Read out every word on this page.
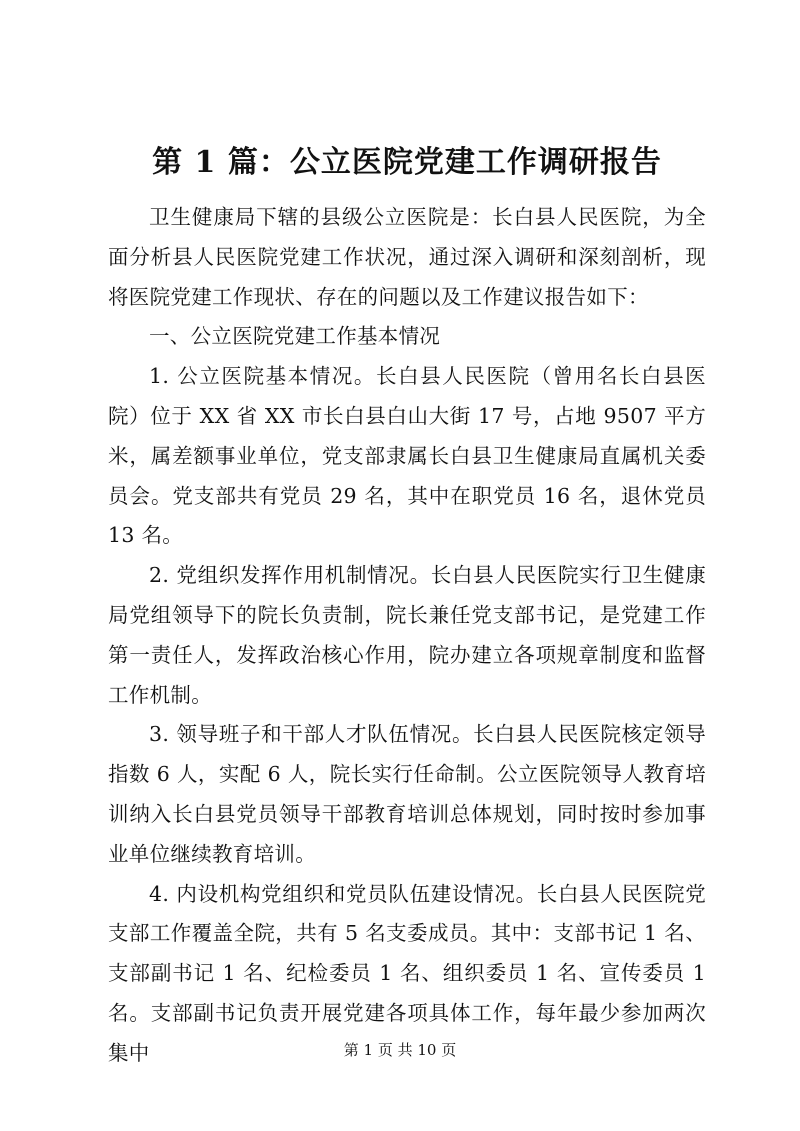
第 1 篇：公立医院党建工作调研报告

卫生健康局下辖的县级公立医院是：长白县人民医院，为全面分析县人民医院党建工作状况，通过深入调研和深刻剖析，现将医院党建工作现状、存在的问题以及工作建议报告如下：

一、公立医院党建工作基本情况

1. 公立医院基本情况。长白县人民医院（曾用名长白县医院）位于 XX 省 XX 市长白县白山大街 17 号，占地 9507 平方米，属差额事业单位，党支部隶属长白县卫生健康局直属机关委员会。党支部共有党员 29 名，其中在职党员 16 名，退休党员 13 名。

2. 党组织发挥作用机制情况。长白县人民医院实行卫生健康局党组领导下的院长负责制，院长兼任党支部书记，是党建工作第一责任人，发挥政治核心作用，院办建立各项规章制度和监督工作机制。

3. 领导班子和干部人才队伍情况。长白县人民医院核定领导指数 6 人，实配 6 人，院长实行任命制。公立医院领导人教育培训纳入长白县党员领导干部教育培训总体规划，同时按时参加事业单位继续教育培训。

4. 内设机构党组织和党员队伍建设情况。长白县人民医院党支部工作覆盖全院，共有 5 名支委成员。其中：支部书记 1 名、支部副书记 1 名、纪检委员 1 名、组织委员 1 名、宣传委员 1 名。支部副书记负责开展党建各项具体工作，每年最少参加两次集中	第 1 页 共 10 页
